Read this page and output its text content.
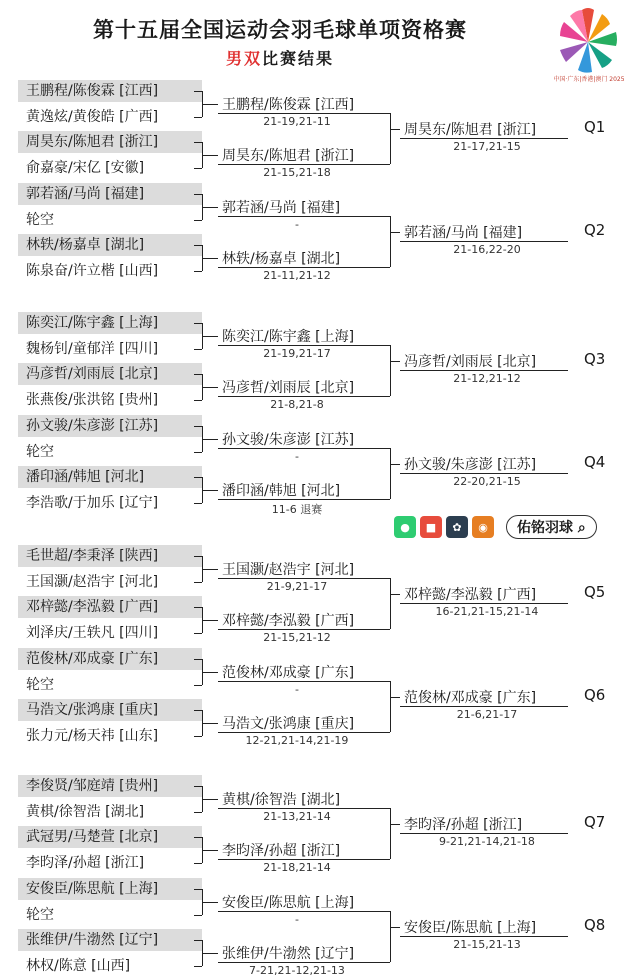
第十五届全国运动会羽毛球单项资格赛
男双比赛结果
中国·广东|香港|澳门 2025
王鹏程/陈俊霖 [江西]
黄逸炫/黄俊皓 [广西]
周昊东/陈旭君 [浙江]
俞嘉豪/宋亿 [安徽]
郭若涵/马尚 [福建]
轮空
林轶/杨嘉卓 [湖北]
陈泉奋/许立楷 [山西]
陈奕江/陈宇鑫 [上海]
魏杨钊/童郁洋 [四川]
冯彦哲/刘雨辰 [北京]
张燕俊/张洪铭 [贵州]
孙文骏/朱彦澎 [江苏]
轮空
潘印涵/韩旭 [河北]
李浩歌/于加乐 [辽宁]
毛世超/李秉泽 [陕西]
王国灏/赵浩宇 [河北]
邓梓懿/李泓毅 [广西]
刘泽庆/王轶凡 [四川]
范俊林/邓成豪 [广东]
轮空
马浩文/张鸿康 [重庆]
张力元/杨天祎 [山东]
李俊贤/邹庭靖 [贵州]
黄棋/徐智浩 [湖北]
武冠男/马楚萱 [北京]
李昀泽/孙超 [浙江]
安俊臣/陈思航 [上海]
轮空
张维伊/牛渤然 [辽宁]
林权/陈意 [山西]
王鹏程/陈俊霖 [江西]
21-19,21-11
周昊东/陈旭君 [浙江]
21-15,21-18
郭若涵/马尚 [福建]
-
林轶/杨嘉卓 [湖北]
21-11,21-12
陈奕江/陈宇鑫 [上海]
21-19,21-17
冯彦哲/刘雨辰 [北京]
21-8,21-8
孙文骏/朱彦澎 [江苏]
-
潘印涵/韩旭 [河北]
11-6 退赛
王国灏/赵浩宇 [河北]
21-9,21-17
邓梓懿/李泓毅 [广西]
21-15,21-12
范俊林/邓成豪 [广东]
-
马浩文/张鸿康 [重庆]
12-21,21-14,21-19
黄棋/徐智浩 [湖北]
21-13,21-14
李昀泽/孙超 [浙江]
21-18,21-14
安俊臣/陈思航 [上海]
-
张维伊/牛渤然 [辽宁]
7-21,21-12,21-13
周昊东/陈旭君 [浙江]
21-17,21-15
Q1
郭若涵/马尚 [福建]
21-16,22-20
Q2
冯彦哲/刘雨辰 [北京]
21-12,21-12
Q3
孙文骏/朱彦澎 [江苏]
22-20,21-15
Q4
邓梓懿/李泓毅 [广西]
16-21,21-15,21-14
Q5
范俊林/邓成豪 [广东]
21-6,21-17
Q6
李昀泽/孙超 [浙江]
9-21,21-14,21-18
Q7
安俊臣/陈思航 [上海]
21-15,21-13
Q8
●	■	✿	◉	佑铭羽球 ⌕
